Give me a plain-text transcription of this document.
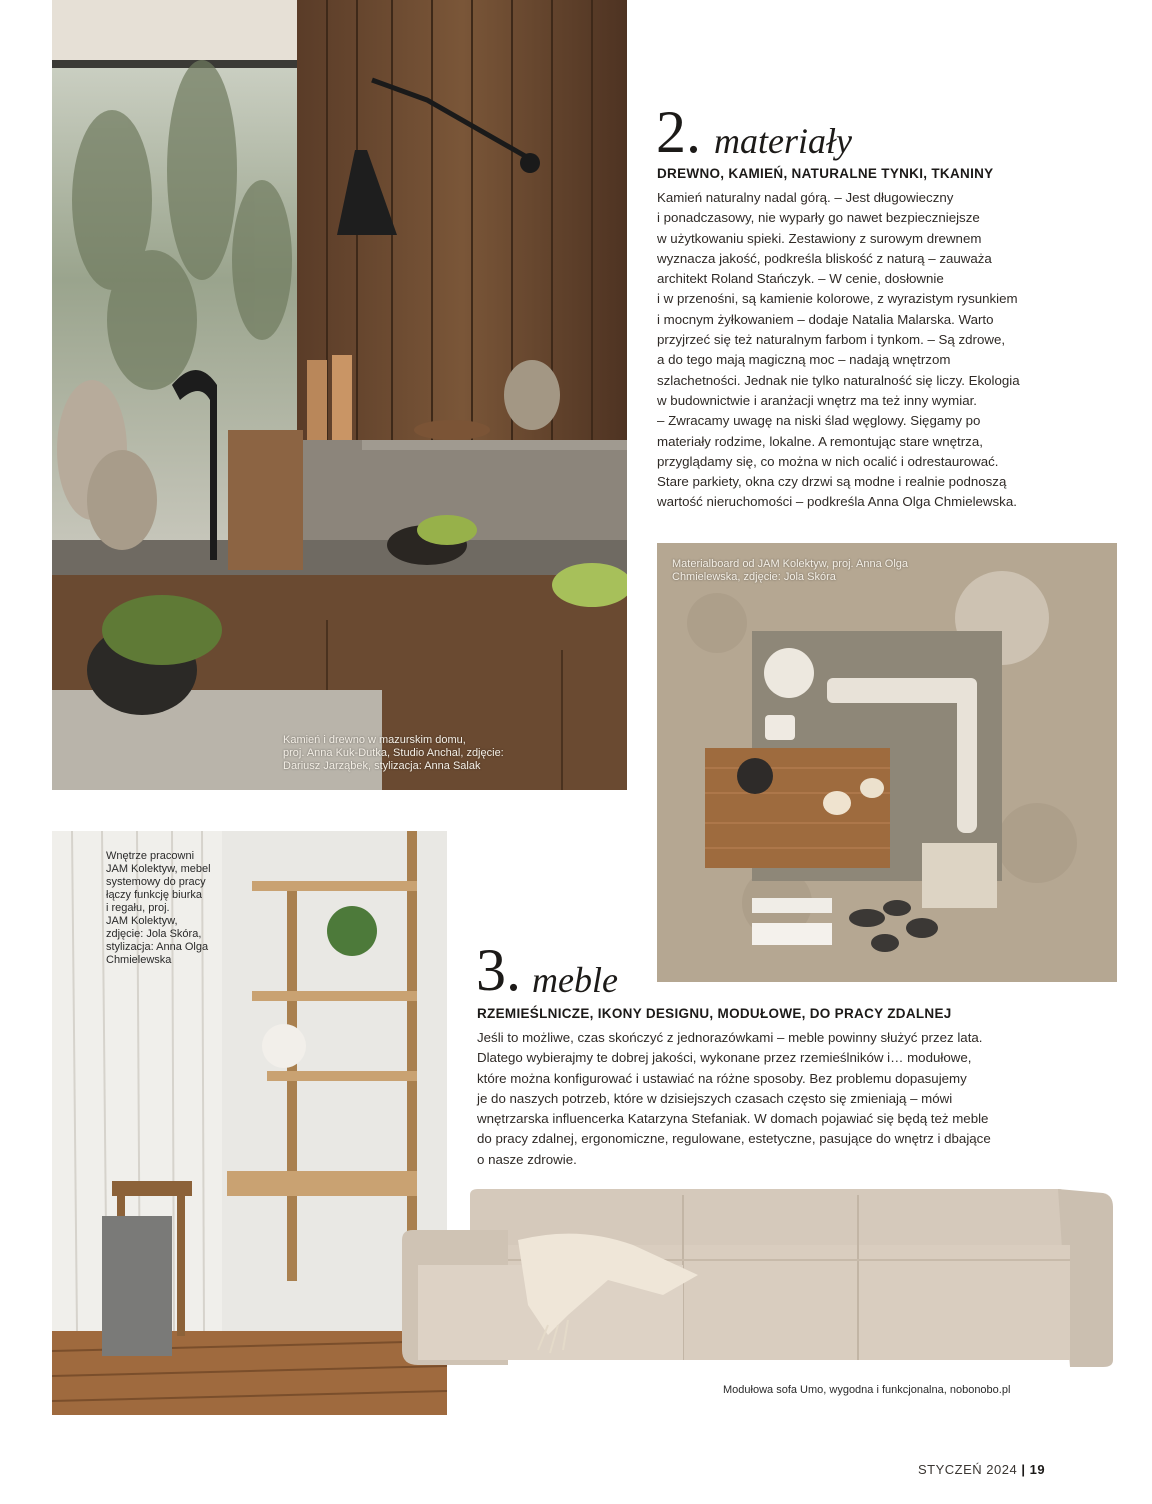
Kamień i drewno w mazurskim domu,
proj. Anna Kuk-Dutka, Studio Anchal, zdjęcie:
Dariusz Jarząbek, stylizacja: Anna Salak
2. materiały
DREWNO, KAMIEŃ, NATURALNE TYNKI, TKANINY
Kamień naturalny nadal górą. – Jest długowieczny
i ponadczasowy, nie wyparły go nawet bezpieczniejsze
w użytkowaniu spieki. Zestawiony z surowym drewnem
wyznacza jakość, podkreśla bliskość z naturą – zauważa
architekt Roland Stańczyk. – W cenie, dosłownie
i w przenośni, są kamienie kolorowe, z wyrazistym rysunkiem
i mocnym żyłkowaniem – dodaje Natalia Malarska. Warto
przyjrzeć się też naturalnym farbom i tynkom. – Są zdrowe,
a do tego mają magiczną moc – nadają wnętrzom
szlachetności. Jednak nie tylko naturalność się liczy. Ekologia
w budownictwie i aranżacji wnętrz ma też inny wymiar.
– Zwracamy uwagę na niski ślad węglowy. Sięgamy po
materiały rodzime, lokalne. A remontując stare wnętrza,
przyglądamy się, co można w nich ocalić i odrestaurować.
Stare parkiety, okna czy drzwi są modne i realnie podnoszą
wartość nieruchomości – podkreśla Anna Olga Chmielewska.
Materialboard od JAM Kolektyw, proj. Anna Olga
Chmielewska, zdjęcie: Jola Skóra
Wnętrze pracowni
JAM Kolektyw, mebel
systemowy do pracy
łączy funkcję biurka
i regału, proj.
JAM Kolektyw,
zdjęcie: Jola Skóra,
stylizacja: Anna Olga
Chmielewska	3. meble
RZEMIEŚLNICZE, IKONY DESIGNU, MODUŁOWE, DO PRACY ZDALNEJ
Jeśli to możliwe, czas skończyć z jednorazówkami – meble powinny służyć przez lata.
Dlatego wybierajmy te dobrej jakości, wykonane przez rzemieślników i… modułowe,
które można konfigurować i ustawiać na różne sposoby. Bez problemu dopasujemy
je do naszych potrzeb, które w dzisiejszych czasach często się zmieniają – mówi
wnętrzarska influencerka Katarzyna Stefaniak. W domach pojawiać się będą też meble
do pracy zdalnej, ergonomiczne, regulowane, estetyczne, pasujące do wnętrz i dbające
o nasze zdrowie.
Modułowa sofa Umo, wygodna i funkcjonalna, nobonobo.pl
STYCZEŃ 2024 | 19
